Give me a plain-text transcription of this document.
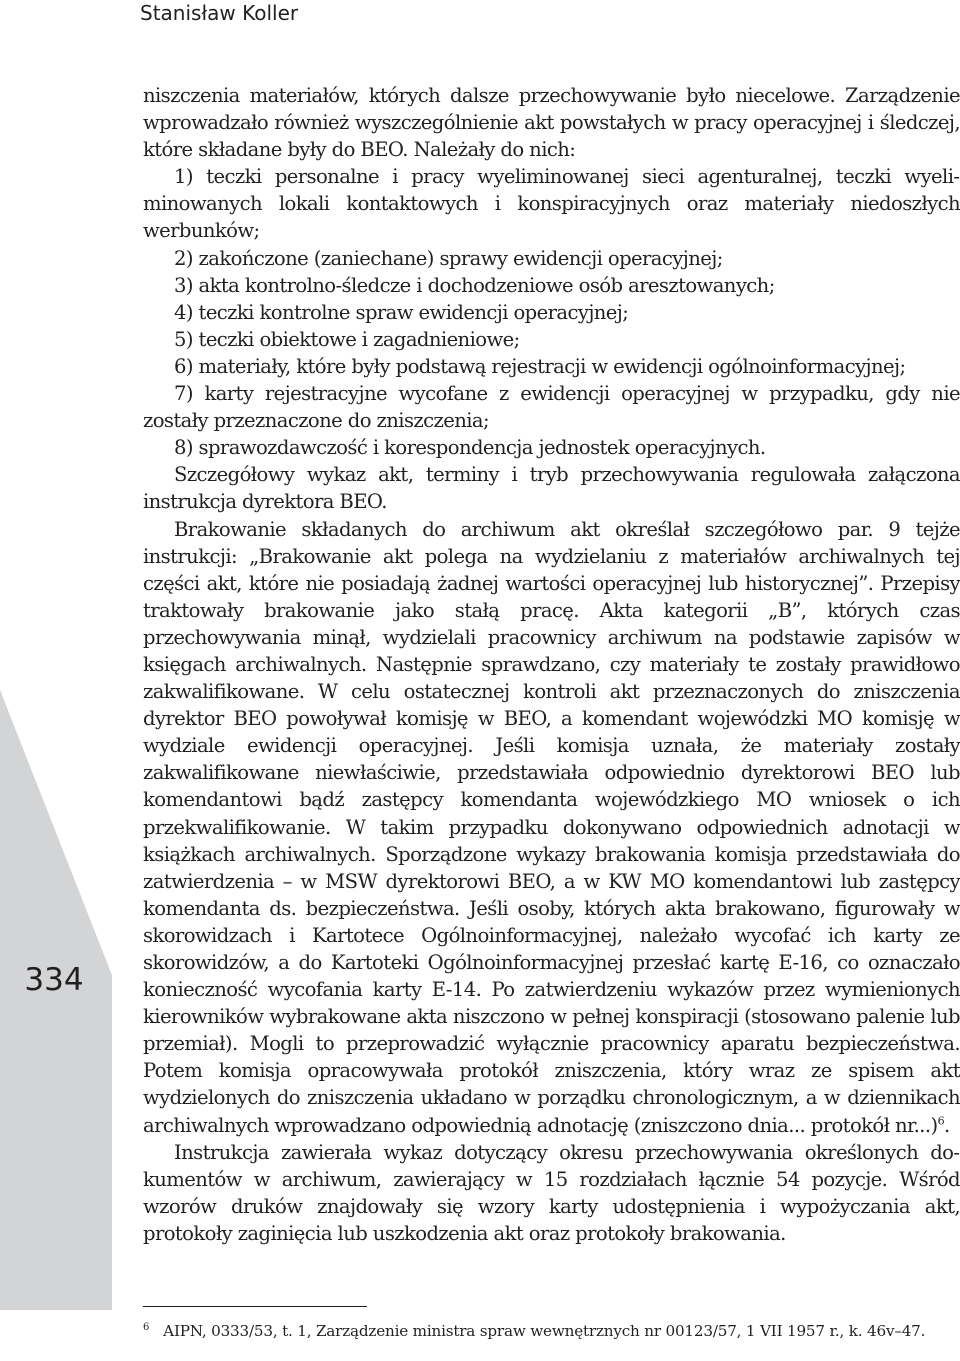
Stanisław Koller
334

niszczenia materiałów, których dalsze przechowywanie było niecelowe. Zarządzenie wprowadzało również wyszczególnienie akt powstałych w pracy operacyjnej i śledczej, które składane były do BEO. Należały do nich:

1) teczki personalne i pracy wyeliminowanej sieci agenturalnej, teczki wyeliminowanych lokali kontaktowych i konspiracyjnych oraz materiały niedoszłych werbunków;

2) zakończone (zaniechane) sprawy ewidencji operacyjnej;

3) akta kontrolno-śledcze i dochodzeniowe osób aresztowanych;

4) teczki kontrolne spraw ewidencji operacyjnej;

5) teczki obiektowe i zagadnieniowe;

6) materiały, które były podstawą rejestracji w ewidencji ogólnoinformacyjnej;

7) karty rejestracyjne wycofane z ewidencji operacyjnej w przypadku, gdy nie zostały przeznaczone do zniszczenia;

8) sprawozdawczość i korespondencja jednostek operacyjnych.

Szczegółowy wykaz akt, terminy i tryb przechowywania regulowała załączona instrukcja dyrektora BEO.

Brakowanie składanych do archiwum akt określał szczegółowo par. 9 tejże instrukcji: „Brakowanie akt polega na wydzielaniu z materiałów archiwalnych tej części akt, które nie posiadają żadnej wartości operacyjnej lub historycznej”. Przepisy traktowały brakowanie jako stałą pracę. Akta kategorii „B”, których czas przechowywania minął, wydzielali pracownicy archiwum na podstawie zapisów w księgach archiwalnych. Następnie sprawdzano, czy materiały te zostały prawidłowo zakwalifikowane. W celu ostatecznej kontroli akt przeznaczonych do zniszczenia dyrektor BEO powoływał komisję w BEO, a komendant wojewódzki MO komisję w wydziale ewidencji operacyjnej. Jeśli komisja uznała, że materiały zostały zakwalifikowane niewłaściwie, przedstawiała odpowiednio dyrektorowi BEO lub komendantowi bądź zastępcy komendanta wojewódzkiego MO wniosek o ich przekwalifikowanie. W takim przypadku dokonywano odpowiednich adnotacji w książkach archiwalnych. Sporządzone wykazy brakowania komisja przedstawiała do zatwierdzenia – w MSW dyrektorowi BEO, a w KW MO komendantowi lub zastępcy komendanta ds. bezpieczeństwa. Jeśli osoby, których akta brakowano, figurowały w skorowidzach i Kartotece Ogólnoinformacyjnej, należało wycofać ich karty ze skorowidzów, a do Kartoteki Ogólnoinformacyjnej przesłać kartę E-16, co oznaczało konieczność wycofania karty E-14. Po zatwierdzeniu wykazów przez wymienionych kierowników wybrakowane akta niszczono w pełnej konspiracji (stosowano palenie lub przemiał). Mogli to przeprowadzić wyłącznie pracownicy aparatu bezpieczeństwa. Potem komisja opracowywała protokół zniszczenia, który wraz ze spisem akt wydzielonych do zniszczenia układano w porządku chronologicznym, a w dziennikach archiwalnych wprowadzano odpowiednią adnotację (zniszczono dnia... protokół nr...)$^6$.

Instrukcja zawierała wykaz dotyczący okresu przechowywania określonych dokumentów w archiwum, zawierający w 15 rozdziałach łącznie 54 pozycje. Wśród wzorów druków znajdowały się wzory karty udostępnienia i wypożyczania akt, protokoły zaginięcia lub uszkodzenia akt oraz protokoły brakowania.

$^6$ AIPN, 0333/53, t. 1, Zarządzenie ministra spraw wewnętrznych nr 00123/57, 1 VII 1957 r., k. 46v–47.
